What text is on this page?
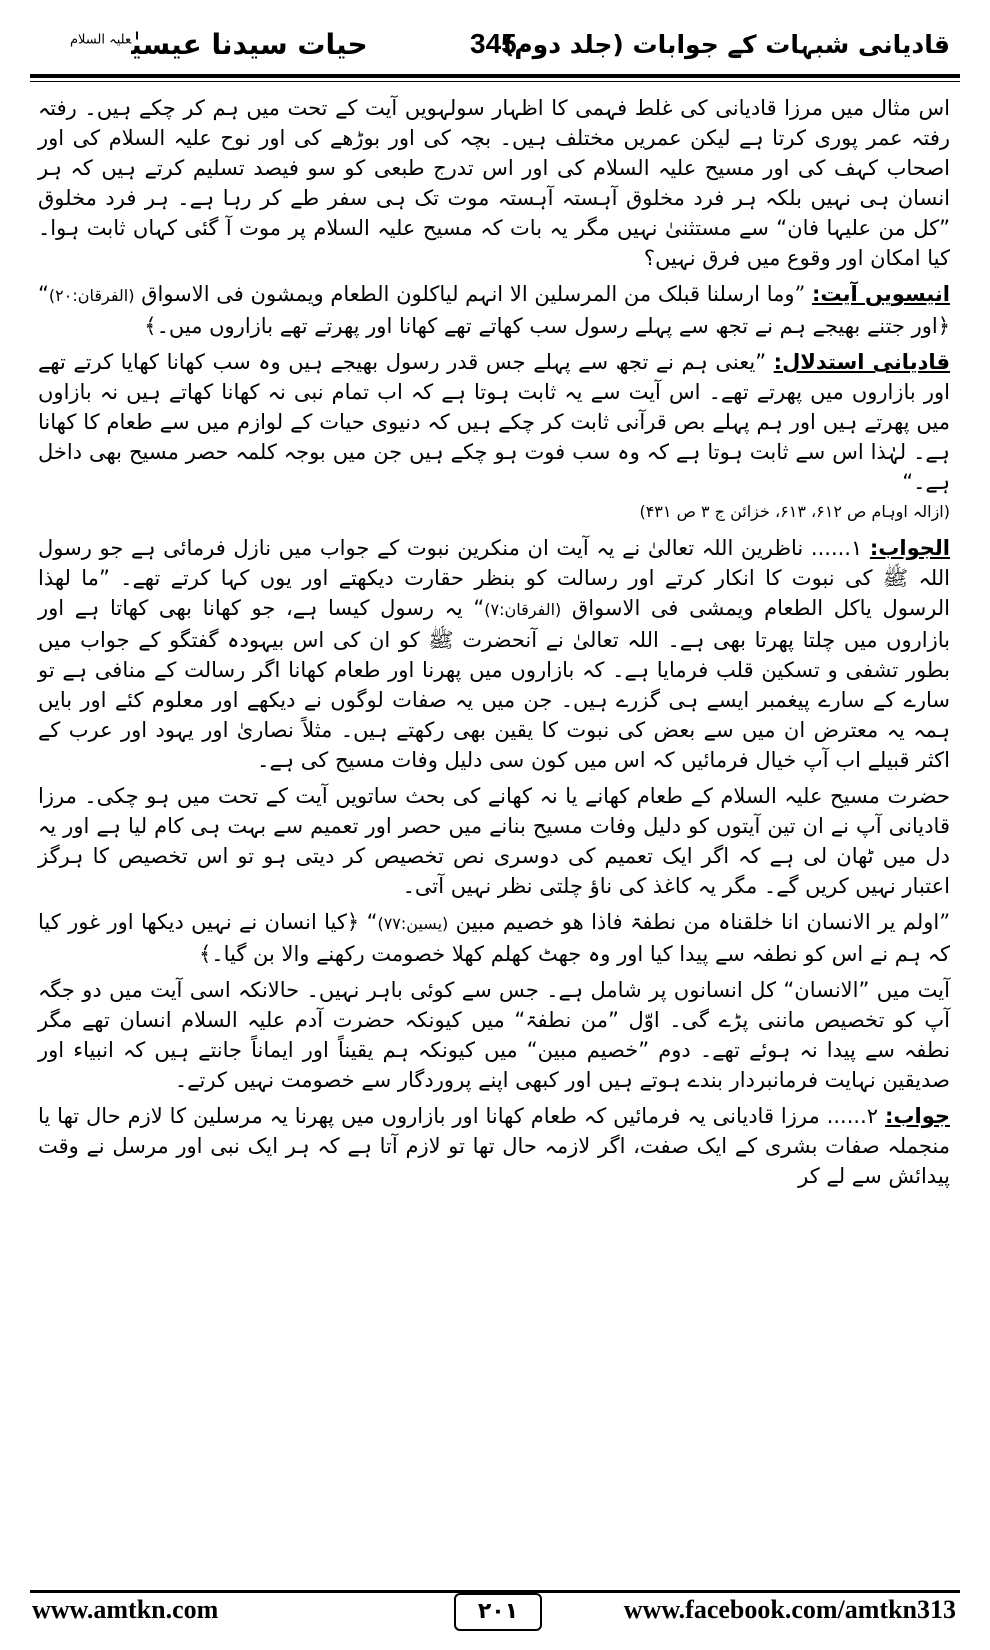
قادیانی شبہات کے جوابات (جلد دوم)
345
حیات سیدنا عیسیٰ$^{علیہ السلام}$

اس مثال میں مرزا قادیانی کی غلط فہمی کا اظہار سولہویں آیت کے تحت میں ہم کر چکے ہیں۔ رفتہ رفتہ عمر پوری کرتا ہے لیکن عمریں مختلف ہیں۔ بچہ کی اور بوڑھے کی اور نوح علیہ السلام کی اور اصحاب کہف کی اور مسیح علیہ السلام کی اور اس تدرج طبعی کو سو فیصد تسلیم کرتے ہیں کہ ہر انسان ہی نہیں بلکہ ہر فرد مخلوق آہستہ آہستہ موت تک ہی سفر طے کر رہا ہے۔ ہر فرد مخلوق ”کل من علیہا فان“ سے مستثنیٰ نہیں مگر یہ بات کہ مسیح علیہ السلام پر موت آ گئی کہاں ثابت ہوا۔ کیا امکان اور وقوع میں فرق نہیں؟

انیسویں آیت: ”وما ارسلنا قبلک من المرسلین الا انہم لیاکلون الطعام ویمشون فی الاسواق (الفرقان:۲۰)“ ﴿اور جتنے بھیجے ہم نے تجھ سے پہلے رسول سب کھاتے تھے کھانا اور پھرتے تھے بازاروں میں۔﴾

قادیانی استدلال: ”یعنی ہم نے تجھ سے پہلے جس قدر رسول بھیجے ہیں وہ سب کھانا کھایا کرتے تھے اور بازاروں میں پھرتے تھے۔ اس آیت سے یہ ثابت ہوتا ہے کہ اب تمام نبی نہ کھانا کھاتے ہیں نہ بازاوں میں پھرتے ہیں اور ہم پہلے بص قرآنی ثابت کر چکے ہیں کہ دنیوی حیات کے لوازم میں سے طعام کا کھانا ہے۔ لہٰذا اس سے ثابت ہوتا ہے کہ وہ سب فوت ہو چکے ہیں جن میں بوجہ کلمہ حصر مسیح بھی داخل ہے۔“
(ازالہ اوہام ص ۶۱۲، ۶۱۳، خزائن ج ۳ ص ۴۳۱)

الجواب: ۱...... ناظرین اللہ تعالیٰ نے یہ آیت ان منکرین نبوت کے جواب میں نازل فرمائی ہے جو رسول اللہ ﷺ کی نبوت کا انکار کرتے اور رسالت کو بنظر حقارت دیکھتے اور یوں کہا کرتے تھے۔ ”ما لھذا الرسول یاکل الطعام ویمشی فی الاسواق (الفرقان:۷)“ یہ رسول کیسا ہے، جو کھانا بھی کھاتا ہے اور بازاروں میں چلتا پھرتا بھی ہے۔ اللہ تعالیٰ نے آنحضرت ﷺ کو ان کی اس بیہودہ گفتگو کے جواب میں بطور تشفی و تسکین قلب فرمایا ہے۔ کہ بازاروں میں پھرنا اور طعام کھانا اگر رسالت کے منافی ہے تو سارے کے سارے پیغمبر ایسے ہی گزرے ہیں۔ جن میں یہ صفات لوگوں نے دیکھے اور معلوم کئے اور بایں ہمہ یہ معترض ان میں سے بعض کی نبوت کا یقین بھی رکھتے ہیں۔ مثلاً نصاریٰ اور یہود اور عرب کے اکثر قبیلے اب آپ خیال فرمائیں کہ اس میں کون سی دلیل وفات مسیح کی ہے۔

حضرت مسیح علیہ السلام کے طعام کھانے یا نہ کھانے کی بحث ساتویں آیت کے تحت میں ہو چکی۔ مرزا قادیانی آپ نے ان تین آیتوں کو دلیل وفات مسیح بنانے میں حصر اور تعمیم سے بہت ہی کام لیا ہے اور یہ دل میں ٹھان لی ہے کہ اگر ایک تعمیم کی دوسری نص تخصیص کر دیتی ہو تو اس تخصیص کا ہرگز اعتبار نہیں کریں گے۔ مگر یہ کاغذ کی ناؤ چلتی نظر نہیں آتی۔

”اولم یر الانسان انا خلقناہ من نطفۃ فاذا ھو خصیم مبین (یسین:۷۷)“ ﴿کیا انسان نے نہیں دیکھا اور غور کیا کہ ہم نے اس کو نطفہ سے پیدا کیا اور وہ جھٹ کھلم کھلا خصومت رکھنے والا بن گیا۔﴾

آیت میں ”الانسان“ کل انسانوں پر شامل ہے۔ جس سے کوئی باہر نہیں۔ حالانکہ اسی آیت میں دو جگہ آپ کو تخصیص ماننی پڑے گی۔ اوّل ”من نطفۃ“ میں کیونکہ حضرت آدم علیہ السلام انسان تھے مگر نطفہ سے پیدا نہ ہوئے تھے۔ دوم ”خصیم مبین“ میں کیونکہ ہم یقیناً اور ایماناً جانتے ہیں کہ انبیاء اور صدیقین نہایت فرمانبردار بندے ہوتے ہیں اور کبھی اپنے پروردگار سے خصومت نہیں کرتے۔

جواب: ۲...... مرزا قادیانی یہ فرمائیں کہ طعام کھانا اور بازاروں میں پھرنا یہ مرسلین کا لازم حال تھا یا منجملہ صفات بشری کے ایک صفت، اگر لازمہ حال تھا تو لازم آتا ہے کہ ہر ایک نبی اور مرسل نے وقت پیدائش سے لے کر

www.amtkn.com	۲۰۱	www.facebook.com/amtkn313
